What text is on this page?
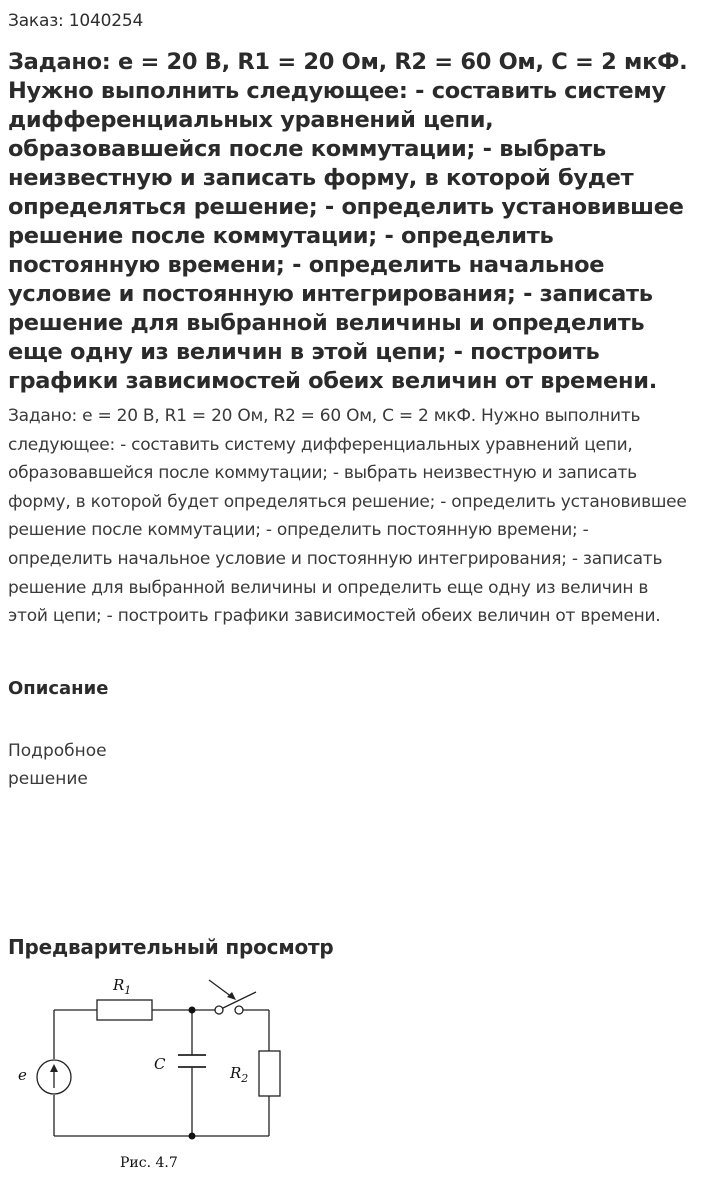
Заказ: 1040254
Задано: e = 20 В, R1 = 20 Ом, R2 = 60 Ом, C = 2 мкФ. Нужно выполнить следующее: - составить систему дифференциальных уравнений цепи, образовавшейся после коммутации; - выбрать неизвестную и записать форму, в которой будет определяться решение; - определить установившее решение после коммутации; - определить постоянную времени; - определить начальное условие и постоянную интегрирования; - записать решение для выбранной величины и определить еще одну из величин в этой цепи; - построить графики зависимостей обеих величин от времени.

Задано: e = 20 В, R1 = 20 Ом, R2 = 60 Ом, C = 2 мкФ. Нужно выполнить следующее: - составить систему дифференциальных уравнений цепи, образовавшейся после коммутации; - выбрать неизвестную и записать форму, в которой будет определяться решение; - определить установившее решение после коммутации; - определить постоянную времени; - определить начальное условие и постоянную интегрирования; - записать решение для выбранной величины и определить еще одну из величин в этой цепи; - построить графики зависимостей обеих величин от времени.

Описание

Подробное решение

Предварительный просмотр
$R_1$
$R_2$
C
e
Рис. 4.7
